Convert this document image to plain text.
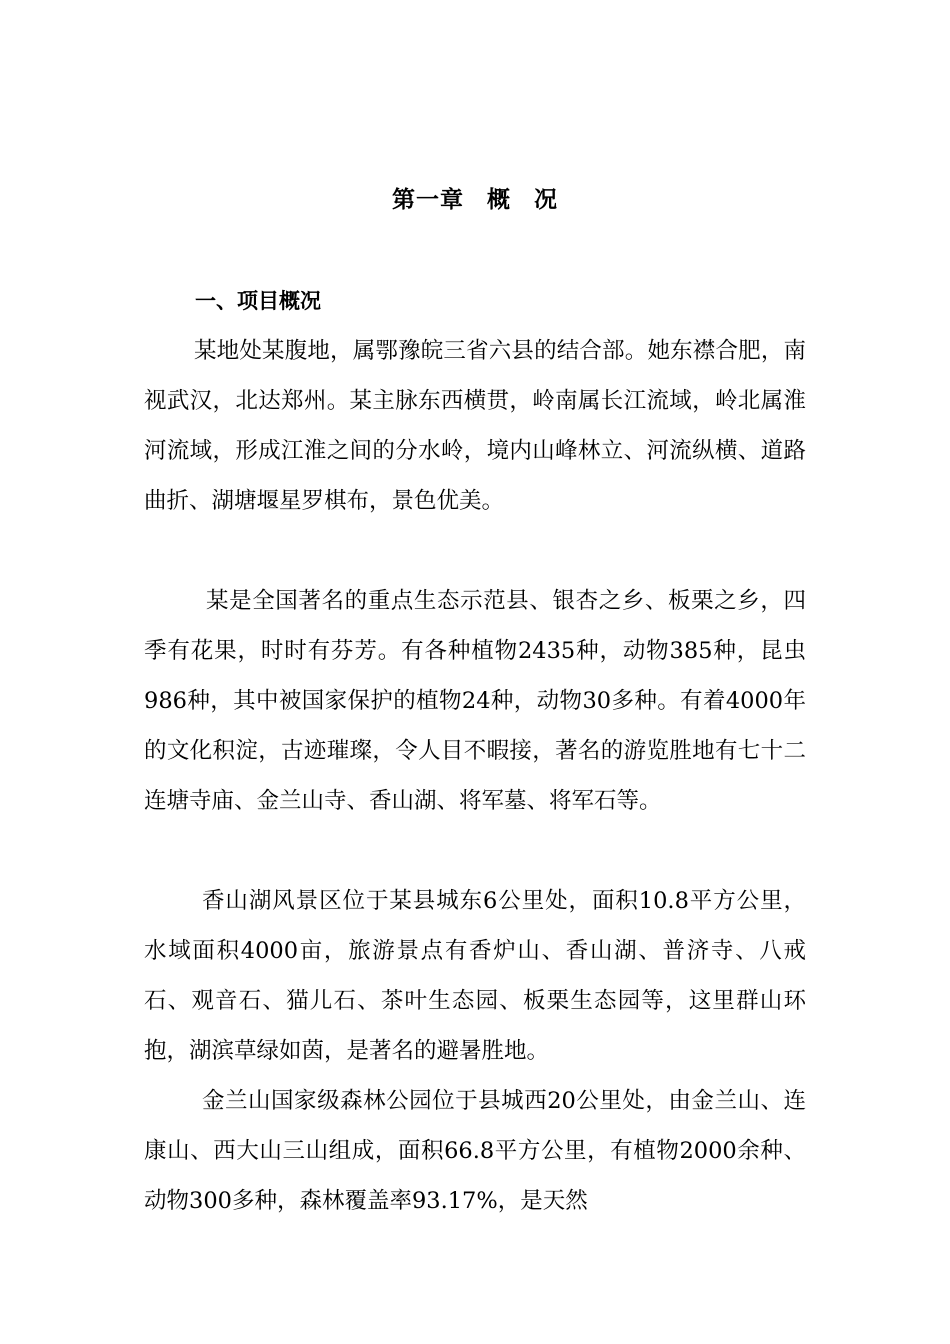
第一章 概 况
一、项目概况

某地处某腹地，属鄂豫皖三省六县的结合部。她东襟合肥，南视武汉，北达郑州。某主脉东西横贯，岭南属长江流域，岭北属淮河流域，形成江淮之间的分水岭，境内山峰林立、河流纵横、道路曲折、湖塘堰星罗棋布，景色优美。

某是全国著名的重点生态示范县、银杏之乡、板栗之乡，四季有花果，时时有芬芳。有各种植物2435种，动物385种，昆虫986种，其中被国家保护的植物24种，动物30多种。有着4000年的文化积淀，古迹璀璨，令人目不暇接，著名的游览胜地有七十二连塘寺庙、金兰山寺、香山湖、将军墓、将军石等。

香山湖风景区位于某县城东6公里处，面积10.8平方公里，水域面积4000亩，旅游景点有香炉山、香山湖、普济寺、八戒石、观音石、猫儿石、茶叶生态园、板栗生态园等，这里群山环抱，湖滨草绿如茵，是著名的避暑胜地。

金兰山国家级森林公园位于县城西20公里处，由金兰山、连康山、西大山三山组成，面积66.8平方公里，有植物2000余种、动物300多种，森林覆盖率93.17%，是天然
